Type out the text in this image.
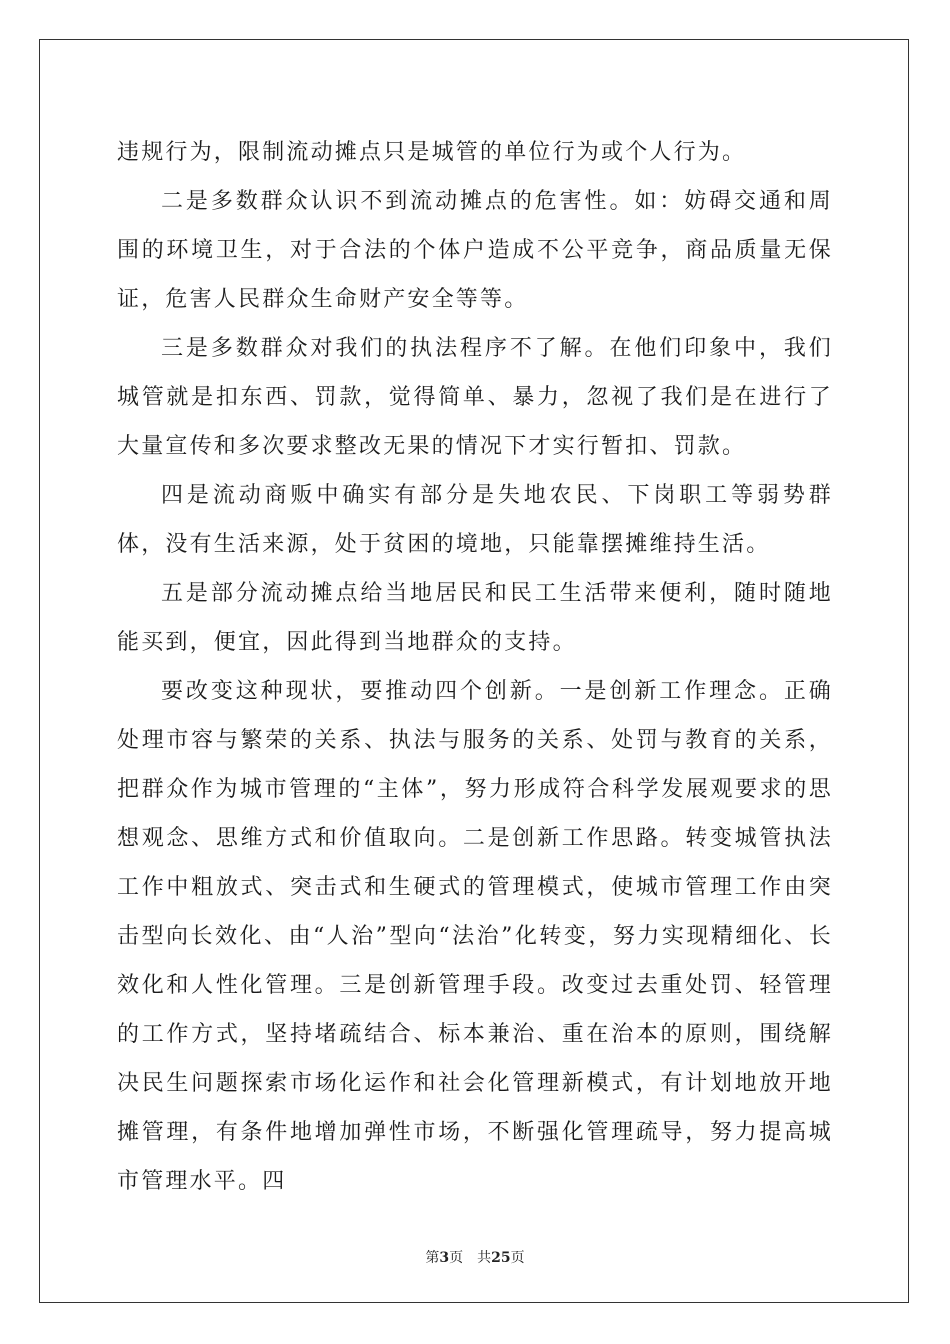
违规行为，限制流动摊点只是城管的单位行为或个人行为。

二是多数群众认识不到流动摊点的危害性。如：妨碍交通和周围的环境卫生，对于合法的个体户造成不公平竞争，商品质量无保证，危害人民群众生命财产安全等等。

三是多数群众对我们的执法程序不了解。在他们印象中，我们城管就是扣东西、罚款，觉得简单、暴力，忽视了我们是在进行了大量宣传和多次要求整改无果的情况下才实行暂扣、罚款。

四是流动商贩中确实有部分是失地农民、下岗职工等弱势群体，没有生活来源，处于贫困的境地，只能靠摆摊维持生活。

五是部分流动摊点给当地居民和民工生活带来便利，随时随地能买到，便宜，因此得到当地群众的支持。

要改变这种现状，要推动四个创新。一是创新工作理念。正确处理市容与繁荣的关系、执法与服务的关系、处罚与教育的关系，把群众作为城市管理的“主体”，努力形成符合科学发展观要求的思想观念、思维方式和价值取向。二是创新工作思路。转变城管执法工作中粗放式、突击式和生硬式的管理模式，使城市管理工作由突击型向长效化、由“人治”型向“法治”化转变，努力实现精细化、长效化和人性化管理。三是创新管理手段。改变过去重处罚、轻管理的工作方式，坚持堵疏结合、标本兼治、重在治本的原则，围绕解决民生问题探索市场化运作和社会化管理新模式，有计划地放开地摊管理，有条件地增加弹性市场，不断强化管理疏导，努力提高城市管理水平。四

第3页 共25页
